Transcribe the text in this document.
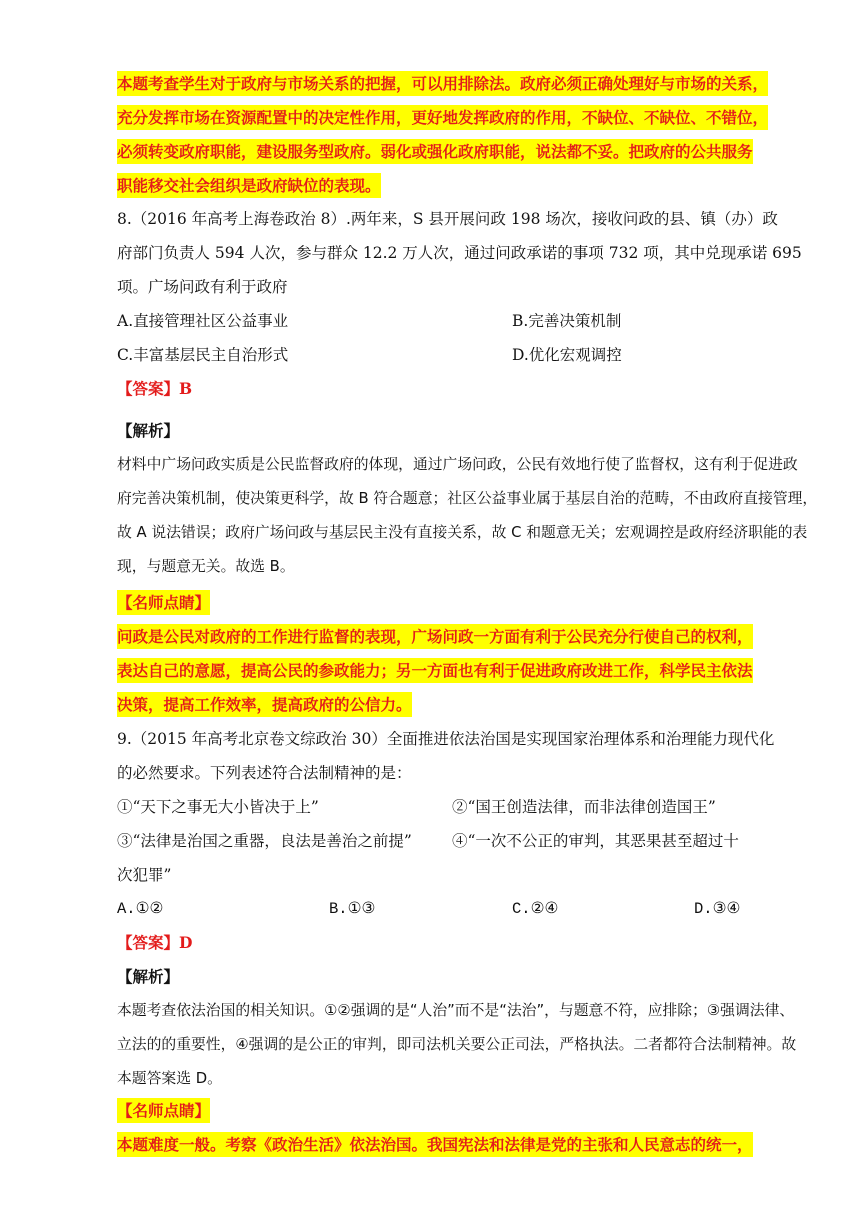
本题考查学生对于政府与市场关系的把握，可以用排除法。政府必须正确处理好与市场的关系，
充分发挥市场在资源配置中的决定性作用，更好地发挥政府的作用，不缺位、不缺位、不错位，
必须转变政府职能，建设服务型政府。弱化或强化政府职能，说法都不妥。把政府的公共服务
职能移交社会组织是政府缺位的表现。
8.（2016 年高考上海卷政治 8）.两年来，S 县开展问政 198 场次，接收问政的县、镇（办）政
府部门负责人 594 人次，参与群众 12.2 万人次，通过问政承诺的事项 732 项，其中兑现承诺 695
项。广场问政有利于政府
A.直接管理社区公益事业	B.完善决策机制
C.丰富基层民主自治形式	D.优化宏观调控
【答案】B
【解析】
材料中广场问政实质是公民监督政府的体现，通过广场问政，公民有效地行使了监督权，这有利于促进政
府完善决策机制，使决策更科学，故 B 符合题意；社区公益事业属于基层自治的范畴，不由政府直接管理，
故 A 说法错误；政府广场问政与基层民主没有直接关系，故 C 和题意无关；宏观调控是政府经济职能的表
现，与题意无关。故选 B。
【名师点睛】
问政是公民对政府的工作进行监督的表现，广场问政一方面有利于公民充分行使自己的权利，
表达自己的意愿，提高公民的参政能力；另一方面也有利于促进政府改进工作，科学民主依法
决策，提高工作效率，提高政府的公信力。
9.（2015 年高考北京卷文综政治 30）全面推进依法治国是实现国家治理体系和治理能力现代化
的必然要求。下列表述符合法制精神的是：
①“天下之事无大小皆决于上”	②“国王创造法律，而非法律创造国王”
③“法律是治国之重器，良法是善治之前提”	④“一次不公正的审判，其恶果甚至超过十
次犯罪”
A.①②	B.①③	C.②④	D.③④
【答案】D
【解析】
本题考查依法治国的相关知识。①②强调的是“人治”而不是“法治”，与题意不符，应排除；③强调法律、
立法的的重要性，④强调的是公正的审判，即司法机关要公正司法，严格执法。二者都符合法制精神。故
本题答案选 D。
【名师点睛】
本题难度一般。考察《政治生活》依法治国。我国宪法和法律是党的主张和人民意志的统一，
